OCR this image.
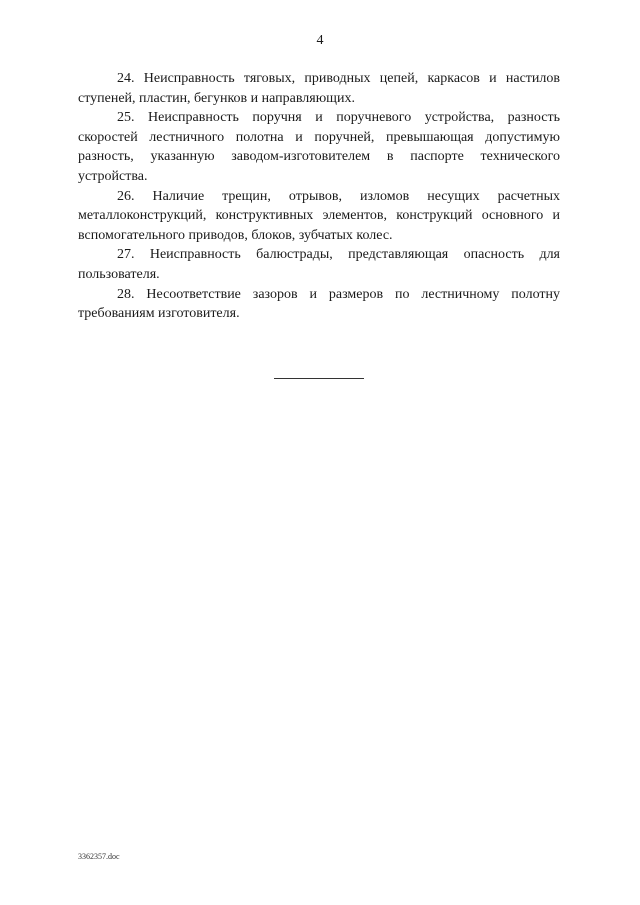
4

24. Неисправность тяговых, приводных цепей, каркасов и настилов ступеней, пластин, бегунков и направляющих.

25. Неисправность поручня и поручневого устройства, разность скоростей лестничного полотна и поручней, превышающая допустимую разность, указанную заводом-изготовителем в паспорте технического устройства.

26. Наличие трещин, отрывов, изломов несущих расчетных металлоконструкций, конструктивных элементов, конструкций основного и вспомогательного приводов, блоков, зубчатых колес.

27. Неисправность балюстрады, представляющая опасность для пользователя.

28. Несоответствие зазоров и размеров по лестничному полотну требованиям изготовителя.

3362357.doc
